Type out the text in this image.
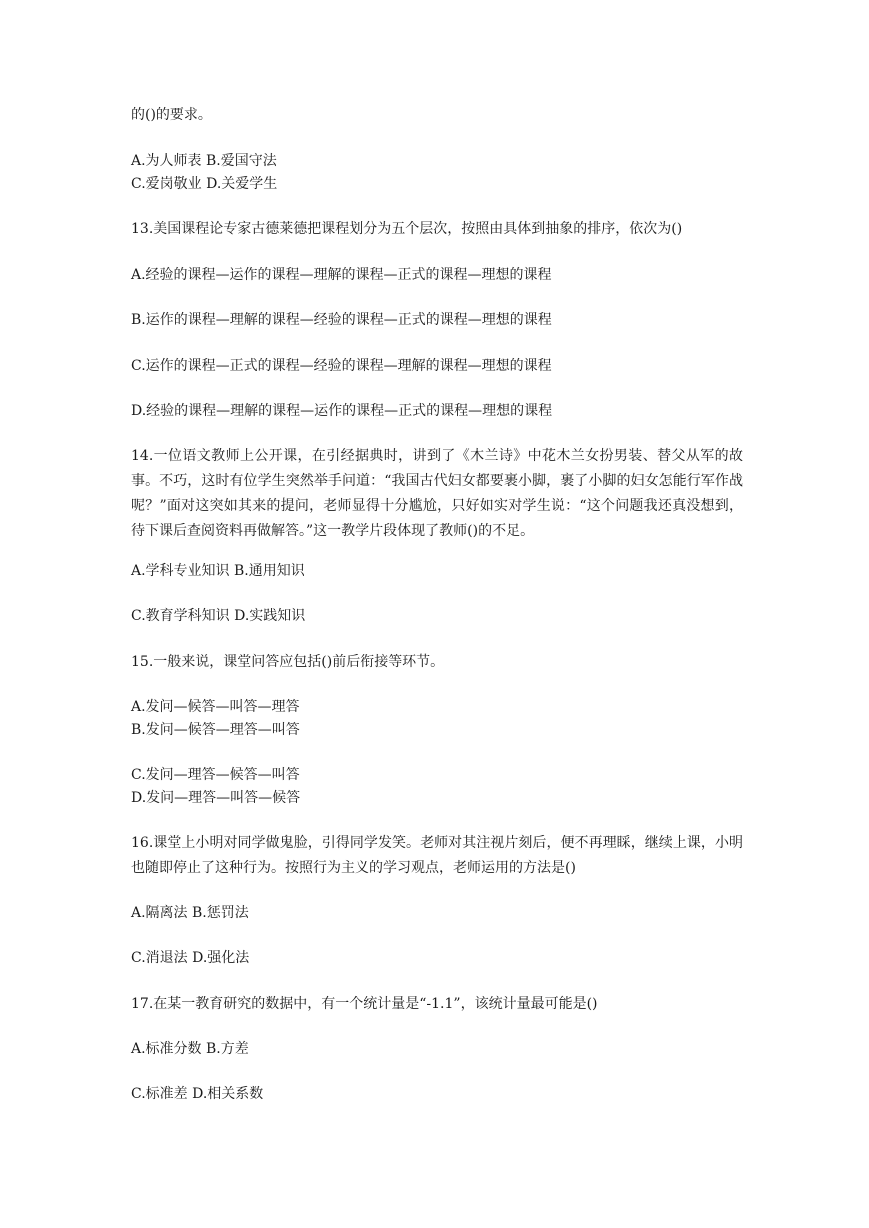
的()的要求。
A.为人师表 B.爱国守法
C.爱岗敬业 D.关爱学生
13.美国课程论专家古德莱德把课程划分为五个层次，按照由具体到抽象的排序，依次为()
A.经验的课程—运作的课程—理解的课程—正式的课程—理想的课程
B.运作的课程—理解的课程—经验的课程—正式的课程—理想的课程
C.运作的课程—正式的课程—经验的课程—理解的课程—理想的课程
D.经验的课程—理解的课程—运作的课程—正式的课程—理想的课程
14.一位语文教师上公开课，在引经据典时，讲到了《木兰诗》中花木兰女扮男装、替父从军的故事。不巧，这时有位学生突然举手问道：“我国古代妇女都要裹小脚，裹了小脚的妇女怎能行军作战呢？”面对这突如其来的提问，老师显得十分尴尬，只好如实对学生说：“这个问题我还真没想到，待下课后查阅资料再做解答。”这一教学片段体现了教师()的不足。
A.学科专业知识 B.通用知识
C.教育学科知识 D.实践知识
15.一般来说，课堂问答应包括()前后衔接等环节。
A.发问—候答—叫答—理答
B.发问—候答—理答—叫答
C.发问—理答—候答—叫答
D.发问—理答—叫答—候答
16.课堂上小明对同学做鬼脸，引得同学发笑。老师对其注视片刻后，便不再理睬，继续上课，小明也随即停止了这种行为。按照行为主义的学习观点，老师运用的方法是()
A.隔离法 B.惩罚法
C.消退法 D.强化法
17.在某一教育研究的数据中，有一个统计量是“-1.1”，该统计量最可能是()
A.标准分数 B.方差
C.标准差 D.相关系数
